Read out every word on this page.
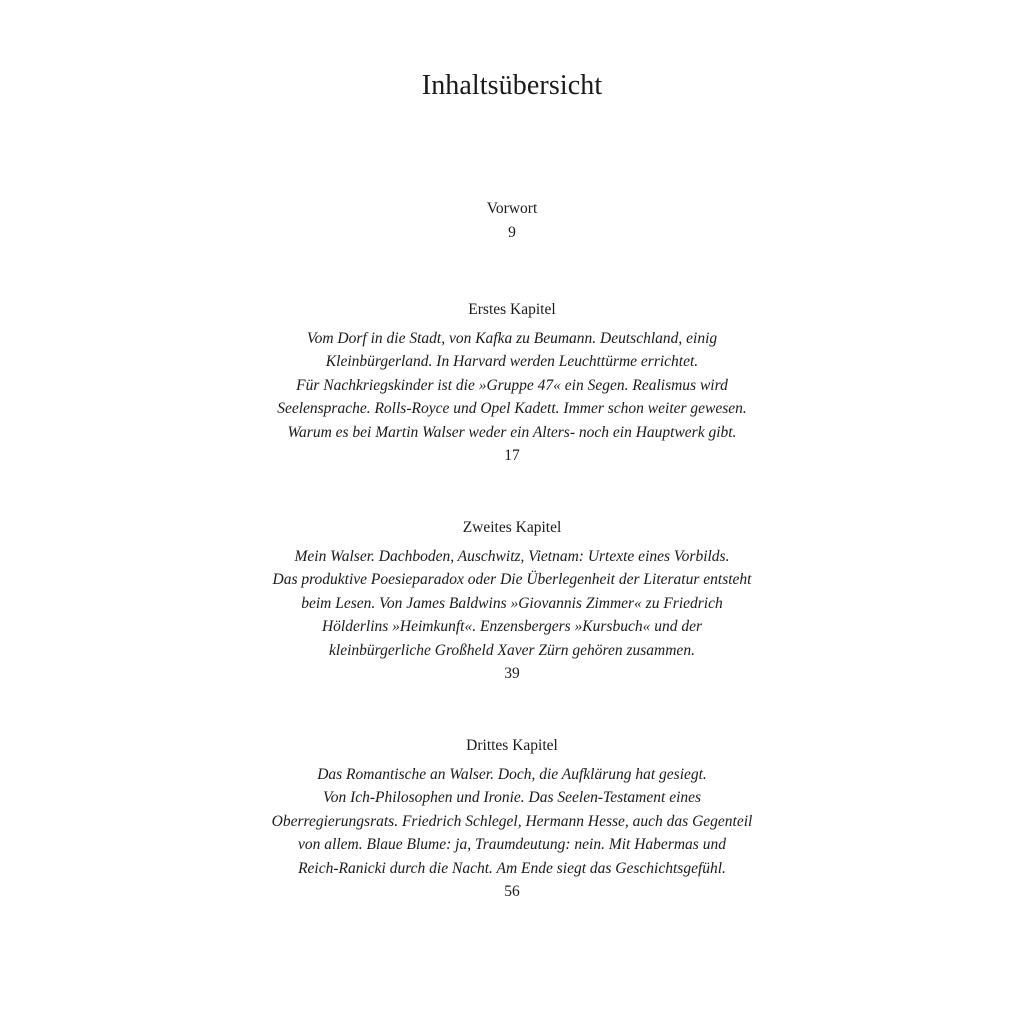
Inhaltsübersicht

Vorwort

9

Erstes Kapitel

Vom Dorf in die Stadt, von Kafka zu Beumann. Deutschland, einig
Kleinbürgerland. In Harvard werden Leuchttürme errichtet.
Für Nachkriegskinder ist die »Gruppe 47« ein Segen. Realismus wird
Seelensprache. Rolls-Royce und Opel Kadett. Immer schon weiter gewesen.
Warum es bei Martin Walser weder ein Alters- noch ein Hauptwerk gibt.

17

Zweites Kapitel

Mein Walser. Dachboden, Auschwitz, Vietnam: Urtexte eines Vorbilds.
Das produktive Poesieparadox oder Die Überlegenheit der Literatur entsteht
beim Lesen. Von James Baldwins »Giovannis Zimmer« zu Friedrich
Hölderlins »Heimkunft«. Enzensbergers »Kursbuch« und der
kleinbürgerliche Großheld Xaver Zürn gehören zusammen.

39

Drittes Kapitel

Das Romantische an Walser. Doch, die Aufklärung hat gesiegt.
Von Ich-Philosophen und Ironie. Das Seelen-Testament eines
Oberregierungsrats. Friedrich Schlegel, Hermann Hesse, auch das Gegenteil
von allem. Blaue Blume: ja, Traumdeutung: nein. Mit Habermas und
Reich-Ranicki durch die Nacht. Am Ende siegt das Geschichtsgefühl.

56
